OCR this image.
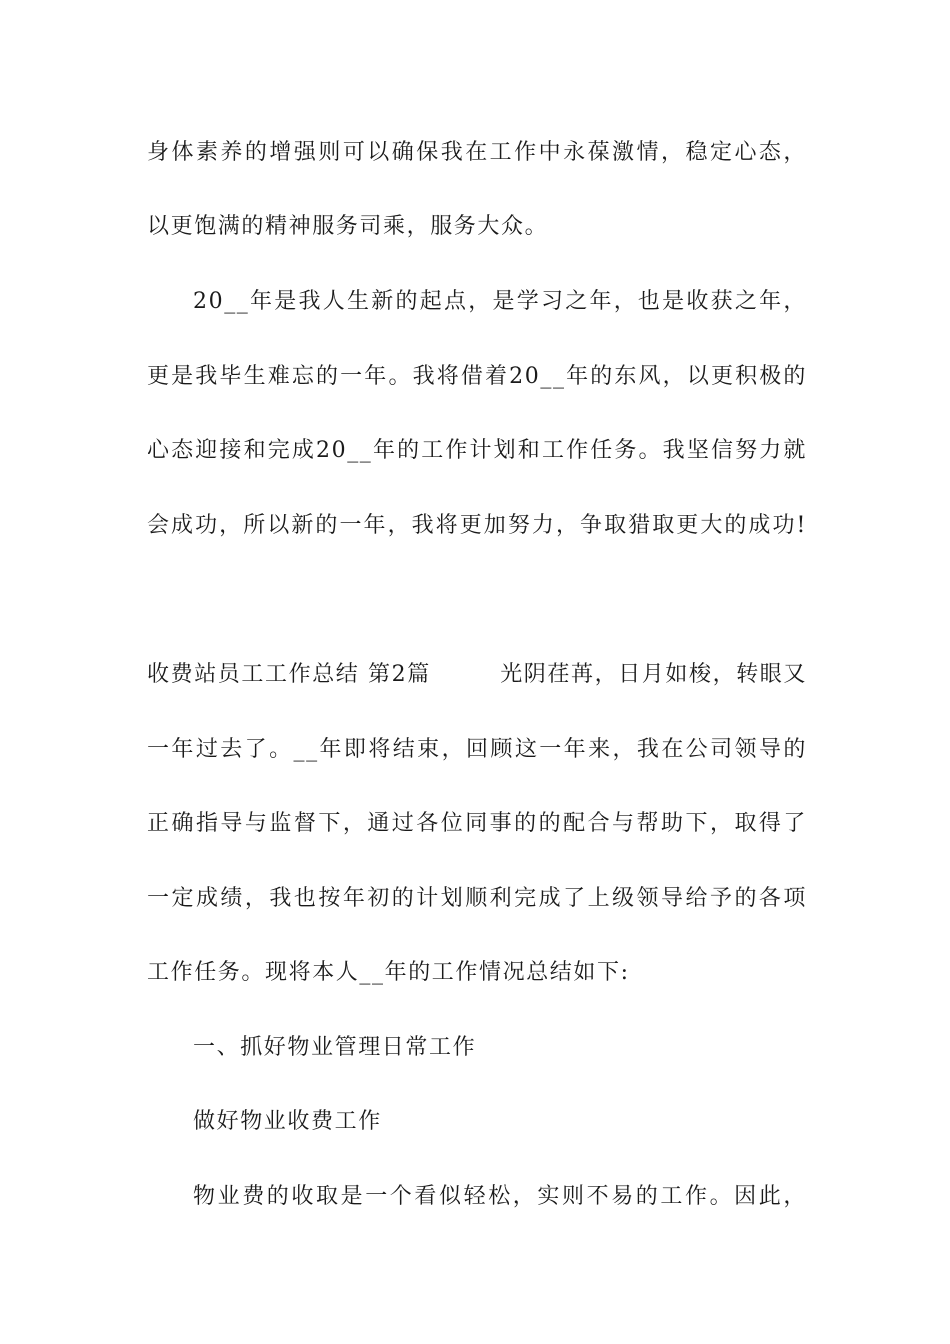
身体素养的增强则可以确保我在工作中永葆激情，稳定心态，
以更饱满的精神服务司乘，服务大众。
20__年是我人生新的起点，是学习之年，也是收获之年，
更是我毕生难忘的一年。我将借着20__年的东风，以更积极的
心态迎接和完成20__年的工作计划和工作任务。我坚信努力就
会成功，所以新的一年，我将更加努力，争取猎取更大的成功!
收费站员工工作总结 第2篇	光阴荏苒，日月如梭，转眼又
一年过去了。__年即将结束，回顾这一年来，我在公司领导的
正确指导与监督下，通过各位同事的的配合与帮助下，取得了
一定成绩，我也按年初的计划顺利完成了上级领导给予的各项
工作任务。现将本人__年的工作情况总结如下:
一、抓好物业管理日常工作
做好物业收费工作
物业费的收取是一个看似轻松，实则不易的工作。因此，
